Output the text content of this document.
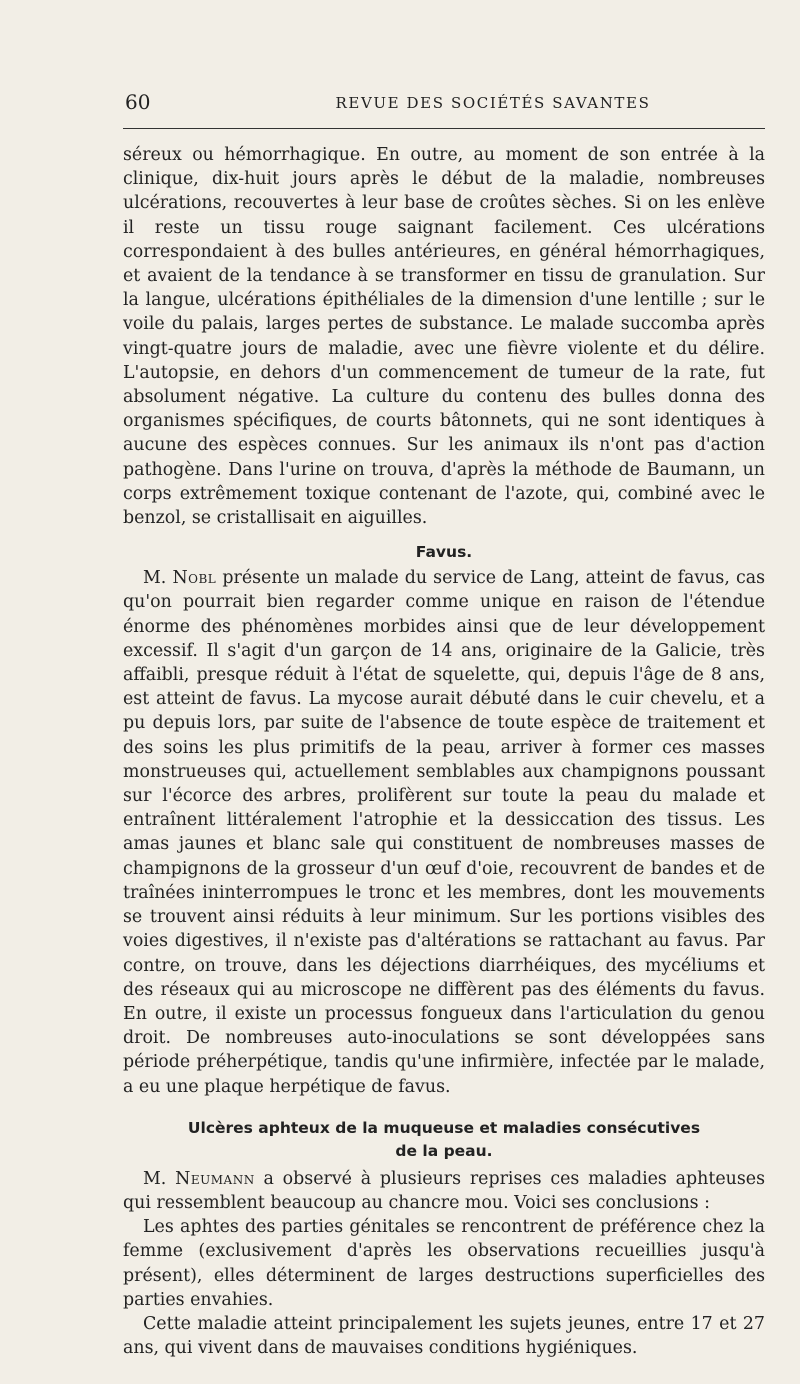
60	REVUE DES SOCIÉTÉS SAVANTES

séreux ou hémorrhagique. En outre, au moment de son entrée à la clinique, dix-huit jours après le début de la maladie, nombreuses ulcérations, recouvertes à leur base de croûtes sèches. Si on les enlève il reste un tissu rouge saignant facilement. Ces ulcérations correspondaient à des bulles antérieures, en général hémorrhagiques, et avaient de la tendance à se transformer en tissu de granulation. Sur la langue, ulcérations épithéliales de la dimension d'une lentille ; sur le voile du palais, larges pertes de substance. Le malade succomba après vingt-quatre jours de maladie, avec une fièvre violente et du délire. L'autopsie, en dehors d'un commencement de tumeur de la rate, fut absolument négative. La culture du contenu des bulles donna des organismes spécifiques, de courts bâtonnets, qui ne sont identiques à aucune des espèces connues. Sur les animaux ils n'ont pas d'action pathogène. Dans l'urine on trouva, d'après la méthode de Baumann, un corps extrêmement toxique contenant de l'azote, qui, combiné avec le benzol, se cristallisait en aiguilles.

Favus.

M. Nobl présente un malade du service de Lang, atteint de favus, cas qu'on pourrait bien regarder comme unique en raison de l'étendue énorme des phénomènes morbides ainsi que de leur développement excessif. Il s'agit d'un garçon de 14 ans, originaire de la Galicie, très affaibli, presque réduit à l'état de squelette, qui, depuis l'âge de 8 ans, est atteint de favus. La mycose aurait débuté dans le cuir chevelu, et a pu depuis lors, par suite de l'absence de toute espèce de traitement et des soins les plus primitifs de la peau, arriver à former ces masses monstrueuses qui, actuellement semblables aux champignons poussant sur l'écorce des arbres, prolifèrent sur toute la peau du malade et entraînent littéralement l'atrophie et la dessiccation des tissus. Les amas jaunes et blanc sale qui constituent de nombreuses masses de champignons de la grosseur d'un œuf d'oie, recouvrent de bandes et de traînées ininterrompues le tronc et les membres, dont les mouvements se trouvent ainsi réduits à leur minimum. Sur les portions visibles des voies digestives, il n'existe pas d'altérations se rattachant au favus. Par contre, on trouve, dans les déjections diarrhéiques, des mycéliums et des réseaux qui au microscope ne diffèrent pas des éléments du favus. En outre, il existe un processus fongueux dans l'articulation du genou droit. De nombreuses auto-inoculations se sont développées sans période préherpétique, tandis qu'une infirmière, infectée par le malade, a eu une plaque herpétique de favus.

Ulcères aphteux de la muqueuse et maladies consécutives
de la peau.

M. Neumann a observé à plusieurs reprises ces maladies aphteuses qui ressemblent beaucoup au chancre mou. Voici ses conclusions :

Les aphtes des parties génitales se rencontrent de préférence chez la femme (exclusivement d'après les observations recueillies jusqu'à présent), elles déterminent de larges destructions superficielles des parties envahies.

Cette maladie atteint principalement les sujets jeunes, entre 17 et 27 ans, qui vivent dans de mauvaises conditions hygiéniques.
